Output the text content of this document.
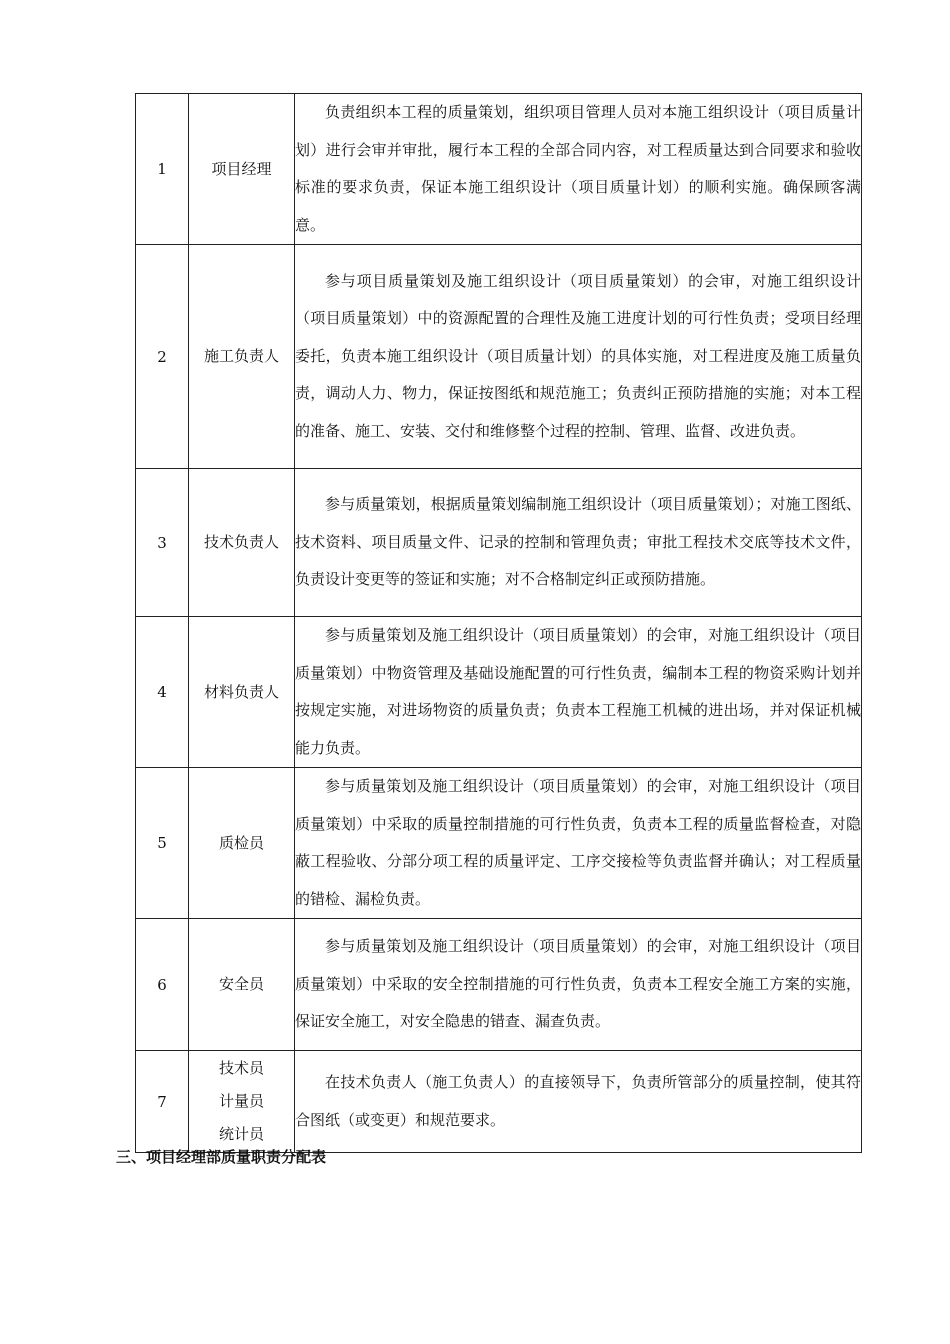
1	项目经理	负责组织本工程的质量策划，组织项目管理人员对本施工组织设计（项目质量计划）进行会审并审批，履行本工程的全部合同内容，对工程质量达到合同要求和验收标准的要求负责，保证本施工组织设计（项目质量计划）的顺利实施。确保顾客满意。

2	施工负责人	参与项目质量策划及施工组织设计（项目质量策划）的会审，对施工组织设计（项目质量策划）中的资源配置的合理性及施工进度计划的可行性负责；受项目经理委托，负责本施工组织设计（项目质量计划）的具体实施，对工程进度及施工质量负责，调动人力、物力，保证按图纸和规范施工；负责纠正预防措施的实施；对本工程的准备、施工、安装、交付和维修整个过程的控制、管理、监督、改进负责。

3	技术负责人	参与质量策划，根据质量策划编制施工组织设计（项目质量策划）；对施工图纸、技术资料、项目质量文件、记录的控制和管理负责；审批工程技术交底等技术文件，负责设计变更等的签证和实施；对不合格制定纠正或预防措施。

4	材料负责人	参与质量策划及施工组织设计（项目质量策划）的会审，对施工组织设计（项目质量策划）中物资管理及基础设施配置的可行性负责，编制本工程的物资采购计划并按规定实施，对进场物资的质量负责；负责本工程施工机械的进出场，并对保证机械能力负责。

5	质检员	参与质量策划及施工组织设计（项目质量策划）的会审，对施工组织设计（项目质量策划）中采取的质量控制措施的可行性负责，负责本工程的质量监督检查，对隐蔽工程验收、分部分项工程的质量评定、工序交接检等负责监督并确认；对工程质量的错检、漏检负责。

6	安全员	参与质量策划及施工组织设计（项目质量策划）的会审，对施工组织设计（项目质量策划）中采取的安全控制措施的可行性负责，负责本工程安全施工方案的实施，保证安全施工，对安全隐患的错查、漏查负责。

7	技术员
计量员
统计员	在技术负责人（施工负责人）的直接领导下，负责所管部分的质量控制，使其符合图纸（或变更）和规范要求。

三、项目经理部质量职责分配表
